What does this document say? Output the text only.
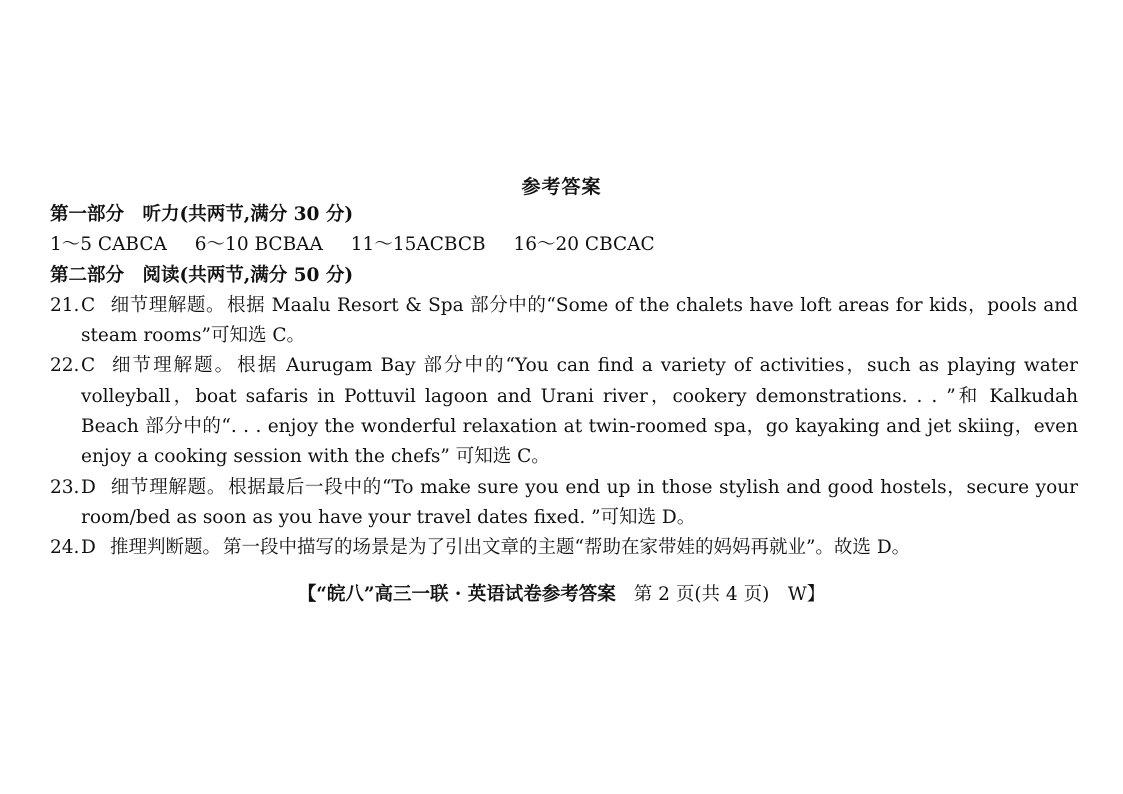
参考答案
第一部分　听力(共两节,满分 30 分)
1～5 CABCA 6～10 BCBAA 11～15ACBCB 16～20 CBCAC
第二部分　阅读(共两节,满分 50 分)
21. C 细节理解题。 根据 Maalu Resort & Spa 部分中的“Some of the chalets have loft areas for kids，pools and steam rooms”可知选 C。
22. C 细节理解题。 根据 Aurugam Bay 部分中的“You can find a variety of activities，such as playing water volleyball，boat safaris in Pottuvil lagoon and Urani river，cookery demonstrations. . . ”和 Kalkudah Beach 部分中的“. . . enjoy the wonderful relaxation at twin-roomed spa，go kayaking and jet skiing，even enjoy a cooking session with the chefs” 可知选 C。
23. D 细节理解题。 根据最后一段中的“To make sure you end up in those stylish and good hostels，secure your room/bed as soon as you have your travel dates fixed. ”可知选 D。
24. D 推理判断题。 第一段中描写的场景是为了引出文章的主题“帮助在家带娃的妈妈再就业”。故选 D。
【“皖八”高三一联 · 英语试卷参考答案 第 2 页(共 4 页)　W】
